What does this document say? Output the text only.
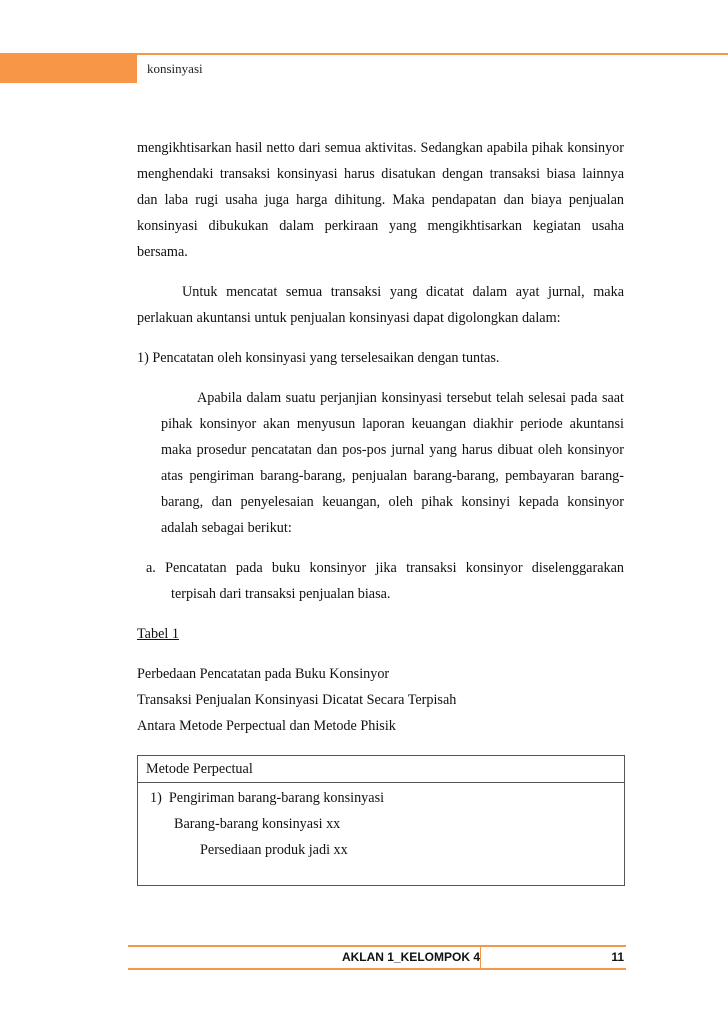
konsinyasi

mengikhtisarkan hasil netto dari semua aktivitas. Sedangkan apabila pihak konsinyor menghendaki transaksi konsinyasi harus disatukan dengan transaksi biasa lainnya dan laba rugi usaha juga harga dihitung. Maka pendapatan dan biaya penjualan konsinyasi dibukukan dalam perkiraan yang mengikhtisarkan kegiatan usaha bersama.

Untuk mencatat semua transaksi yang dicatat dalam ayat jurnal, maka perlakuan akuntansi untuk penjualan konsinyasi dapat digolongkan dalam:

1) Pencatatan oleh konsinyasi yang terselesaikan dengan tuntas.

Apabila dalam suatu perjanjian konsinyasi tersebut telah selesai pada saat pihak konsinyor akan menyusun laporan keuangan diakhir periode akuntansi maka prosedur pencatatan dan pos-pos jurnal yang harus dibuat oleh konsinyor atas pengiriman barang-barang, penjualan barang-barang, pembayaran barang-barang, dan penyelesaian keuangan, oleh pihak konsinyi kepada konsinyor adalah sebagai berikut:

a. Pencatatan pada buku konsinyor jika transaksi konsinyor diselenggarakan terpisah dari transaksi penjualan biasa.

Tabel 1

Perbedaan Pencatatan pada Buku Konsinyor

Transaksi Penjualan Konsinyasi Dicatat Secara Terpisah

Antara Metode Perpectual dan Metode Phisik

Metode Perpectual
1)  Pengiriman barang-barang konsinyasi
Barang-barang konsinyasi xx
Persediaan produk jadi xx
AKLAN 1_KELOMPOK 4	11
